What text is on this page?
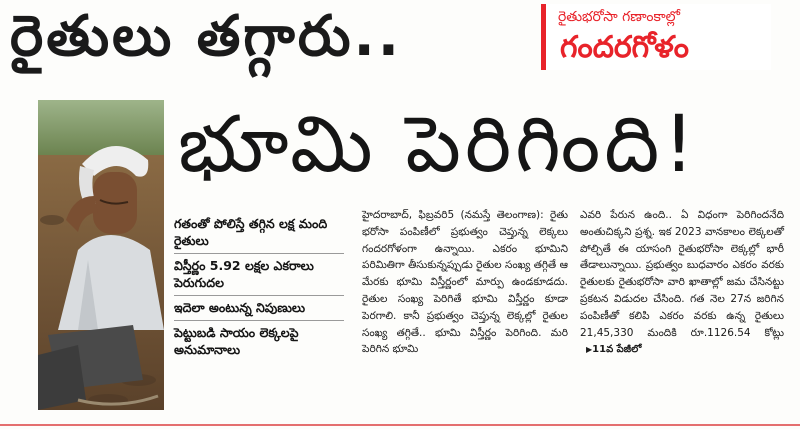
రైతులు తగ్గారు..	రైతుభరోసా గణాంకాల్లో
గందరగోళం
భూమి పెరిగింది!
గతంతో పోలిస్తే తగ్గిన లక్ష మంది రైతులు
విస్తీర్ణం 5.92 లక్షల ఎకరాలు పెరుగుదల
ఇదెలా అంటున్న నిపుణులు
పెట్టుబడి సాయం లెక్కలపై అనుమానాలు

హైదరాబాద్, ఫిబ్రవరి5 (నమస్తే తెలంగాణ): రైతు భరోసా పంపిణీలో ప్రభుత్వం చెప్తున్న లెక్కలు గందరగోళంగా ఉన్నాయి. ఎకరం భూమిని పరిమితిగా తీసుకున్నప్పుడు రైతుల సంఖ్య తగ్గితే ఆ మేరకు భూమి విస్తీర్ణంలో మార్పు ఉండకూడదు. రైతుల సంఖ్య పెరిగితే భూమి విస్తీర్ణం కూడా పెరగాలి. కానీ ప్రభుత్వం చెప్తున్న లెక్కల్లో రైతుల సంఖ్య తగ్గితే.. భూమి విస్తీర్ణం పెరిగింది. మరి పెరిగిన భూమి

ఎవరి పేరున ఉంది.. ఏ విధంగా పెరిగిందనేది అంతుచిక్కని ప్రశ్న. ఇక 2023 వానకాలం లెక్కలతో పోల్చితే ఈ యాసంగి రైతుభరోసా లెక్కల్లో భారీ తేడాలున్నాయి. ప్రభుత్వం బుధవారం ఎకరం వరకు రైతులకు రైతుభరోసా వారి ఖాతాల్లో జమ చేసినట్టు ప్రకటన విడుదల చేసింది. గత నెల 27న జరిగిన పంపిణీతో కలిపి ఎకరం వరకు ఉన్న రైతులు 21,45,330 మందికి రూ.1126.54 కోట్లు▶11వ పేజీలో
